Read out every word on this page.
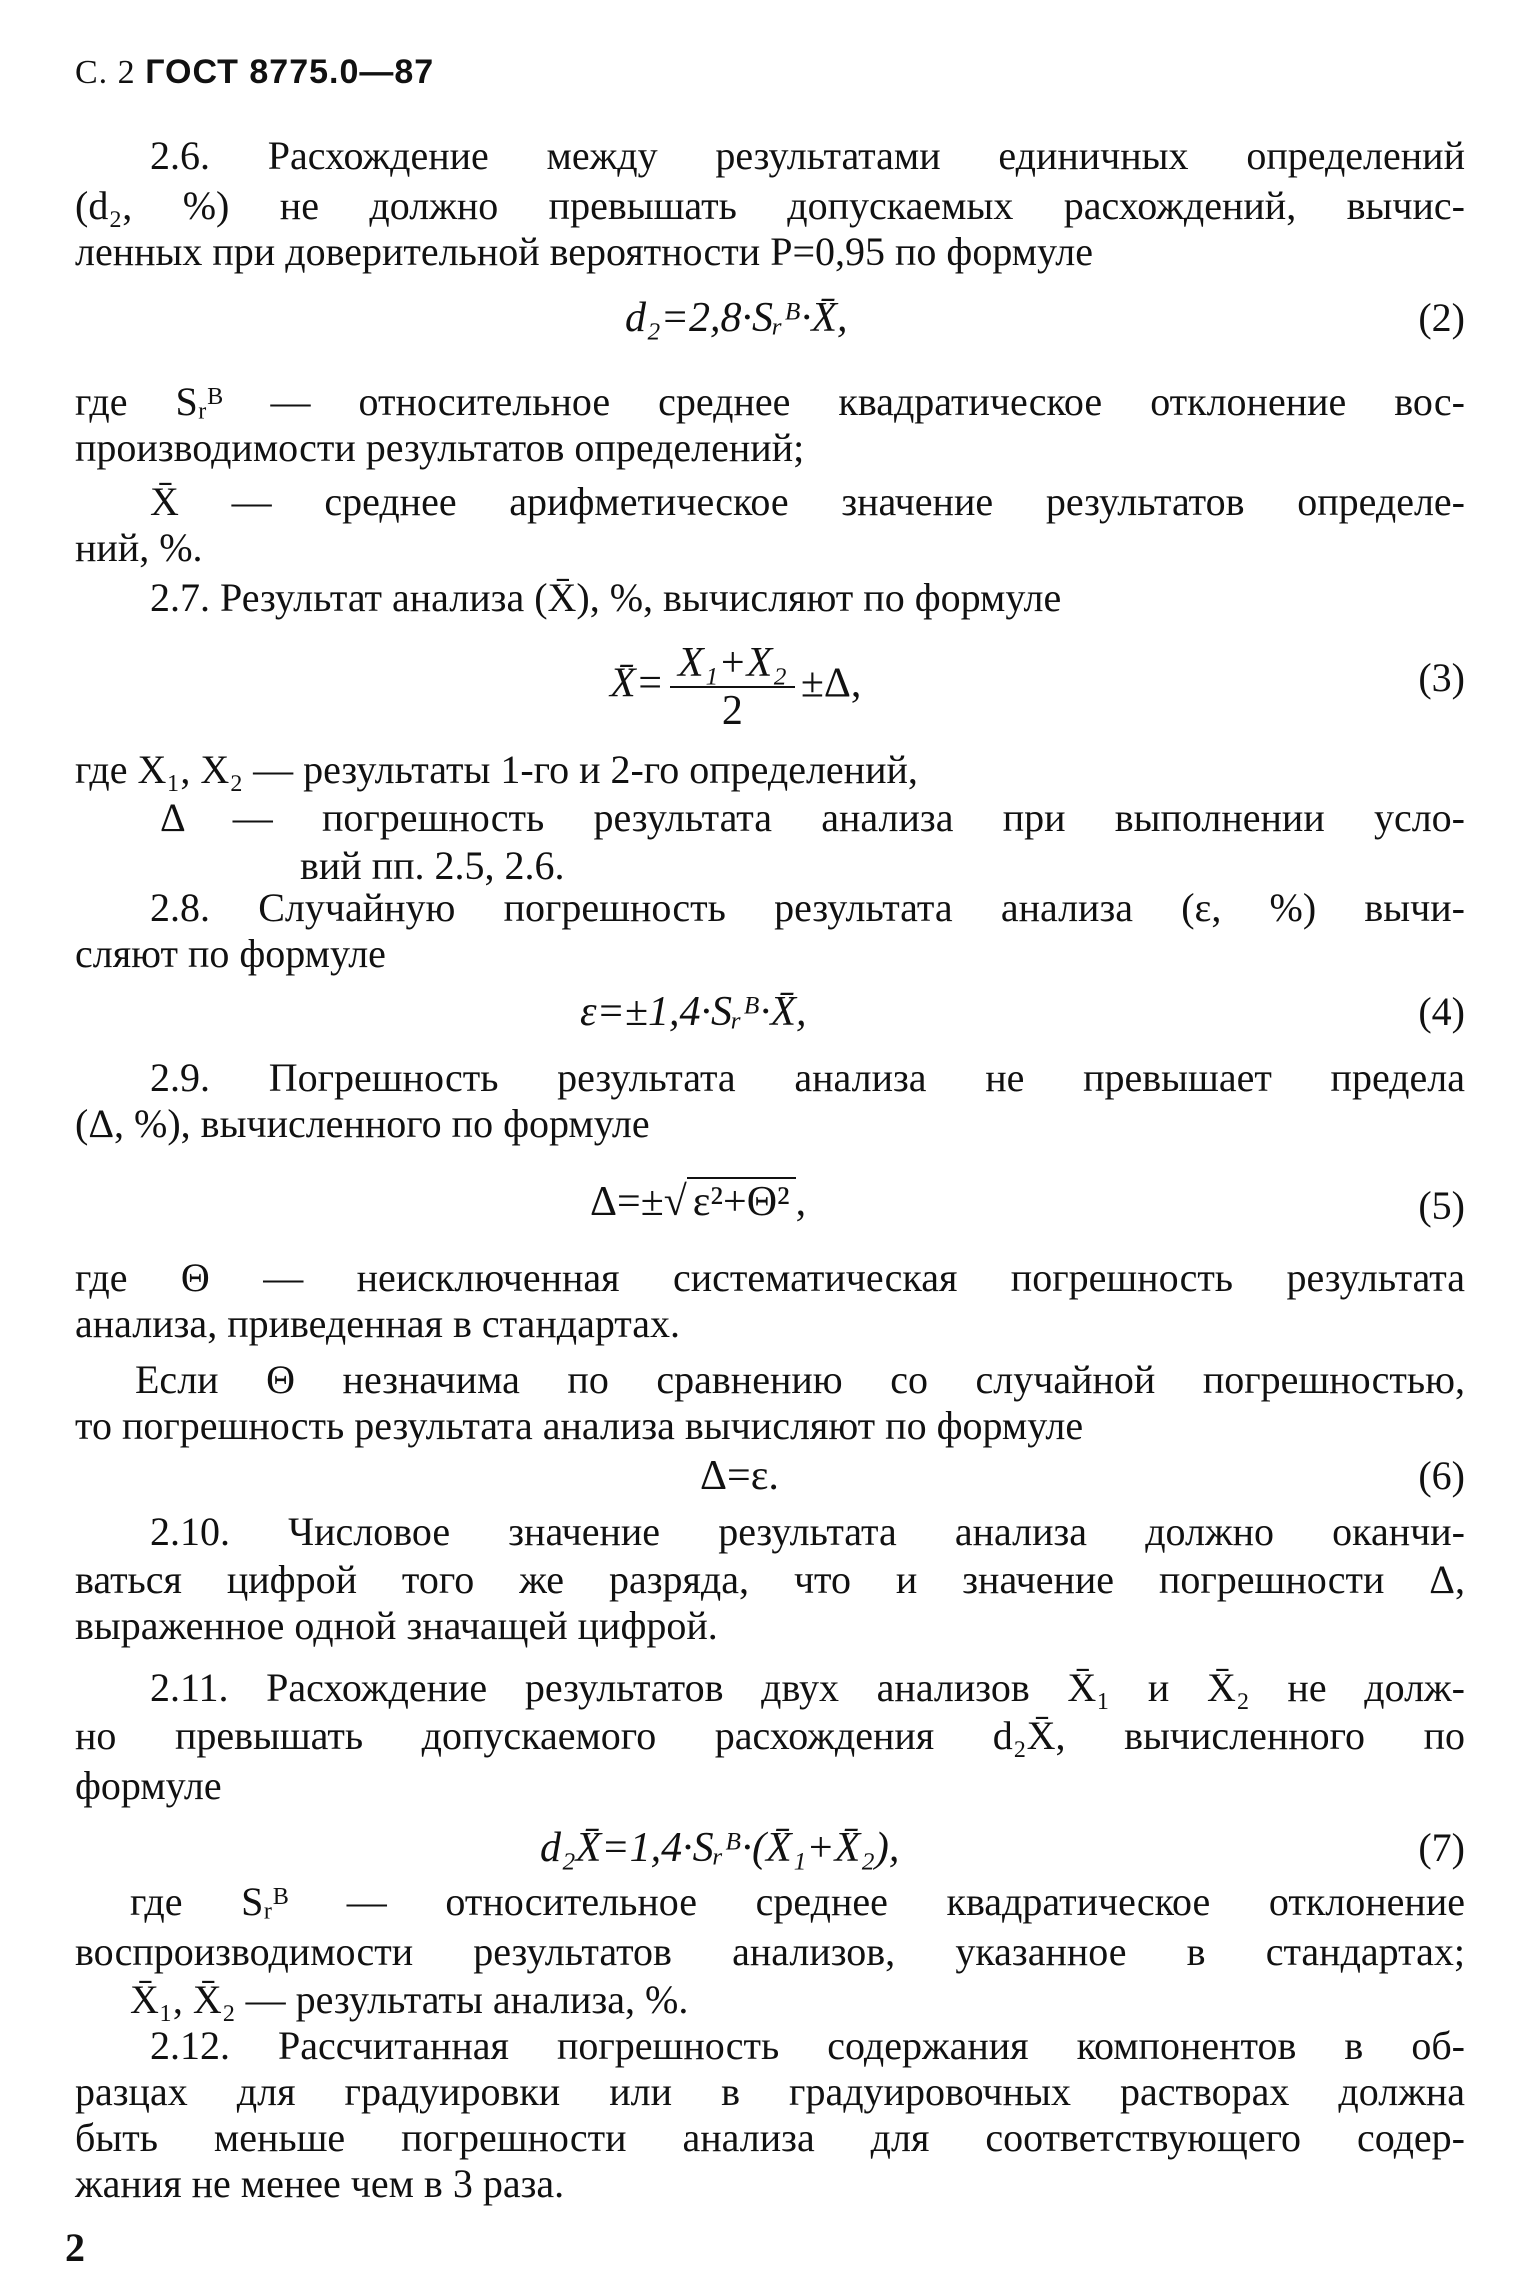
С. 2 ГОСТ 8775.0—87
2.6. Расхождение между результатами единичных определений
(d₂, %) не должно превышать допускаемых расхождений, вычис-
ленных при доверительной вероятности P=0,95 по формуле
d₂=2,8·Sᵣᴮ·X̄,	(2)
где Sᵣᴮ — относительное среднее квадратическое отклонение вос-
производимости результатов определений;
X̄ — среднее арифметическое значение результатов определе-
ний, %.
2.7. Результат анализа (X̄), %, вычисляют по формуле
X̄= $\frac{\text{X₁+X₂}}{2} \pm\Delta$,	(3)
где X₁, X₂ — результаты 1-го и 2-го определений,
Δ — погрешность результата анализа при выполнении усло-
вий пп. 2.5, 2.6.
2.8. Случайную погрешность результата анализа (ε, %) вычи-
сляют по формуле
ε=±1,4·Sᵣᴮ·X̄,	(4)
2.9. Погрешность результата анализа не превышает предела
(Δ, %), вычисленного по формуле
Δ=±√ ε²+Θ² ,	(5)
где Θ — неисключенная систематическая погрешность результата
анализа, приведенная в стандартах.
Если Θ незначима по сравнению со случайной погрешностью,
то погрешность результата анализа вычисляют по формуле
Δ=ε.	(6)
2.10. Числовое значение результата анализа должно оканчи-
ваться цифрой того же разряда, что и значение погрешности Δ,
выраженное одной значащей цифрой.
2.11. Расхождение результатов двух анализов X̄₁ и X̄₂ не долж-
но превышать допускаемого расхождения d₂X̄, вычисленного по
формуле
d₂X̄=1,4·Sᵣᴮ·(X̄₁+X̄₂),	(7)
где Sᵣᴮ — относительное среднее квадратическое отклонение
воспроизводимости результатов анализов, указанное в стандартах;
X̄₁, X̄₂ — результаты анализа, %.
2.12. Рассчитанная погрешность содержания компонентов в об-
разцах для градуировки или в градуировочных растворах должна
быть меньше погрешности анализа для соответствующего содер-
жания не менее чем в 3 раза.
2
